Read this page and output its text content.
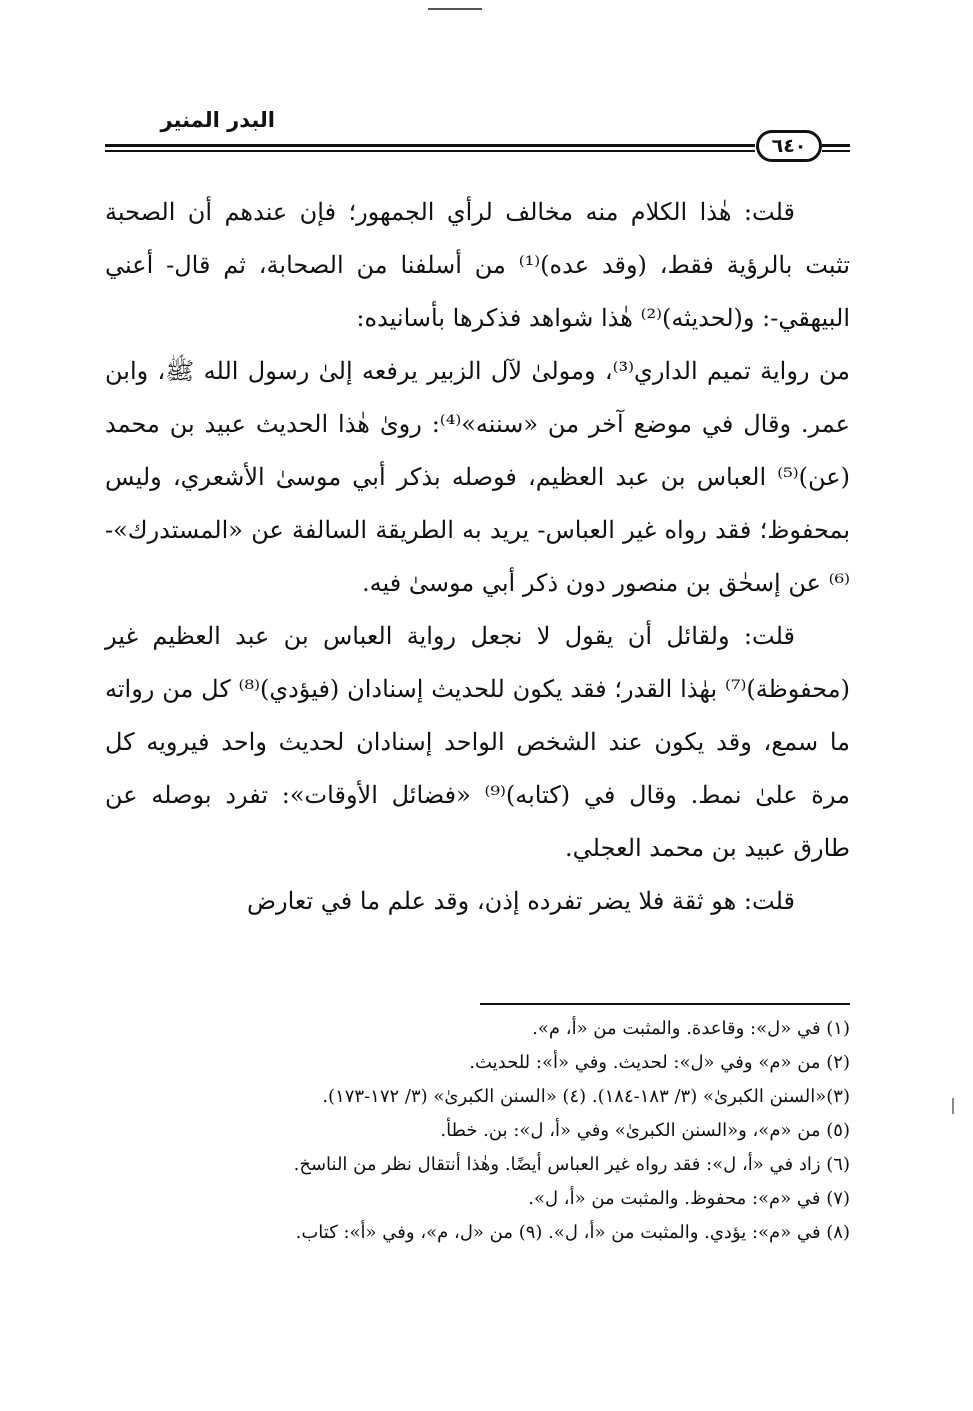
البدر المنير
٦٤٠

قلت: هٰذا الكلام منه مخالف لرأي الجمهور؛ فإن عندهم أن الصحبة تثبت بالرؤية فقط، (وقد عده)⁽¹⁾ من أسلفنا من الصحابة، ثم قال- أعني البيهقي-: و(لحديثه)⁽²⁾ هٰذا شواهد فذكرها بأسانيده:

من رواية تميم الداري⁽³⁾، ومولىٰ لآل الزبير يرفعه إلىٰ رسول الله ﷺ، وابن عمر. وقال في موضع آخر من «سننه»⁽⁴⁾: روىٰ هٰذا الحديث عبيد بن محمد (عن)⁽⁵⁾ العباس بن عبد العظيم، فوصله بذكر أبي موسىٰ الأشعري، وليس بمحفوظ؛ فقد رواه غير العباس- يريد به الطريقة السالفة عن «المستدرك»-⁽⁶⁾ عن إسحٰق بن منصور دون ذكر أبي موسىٰ فيه.

قلت: ولقائل أن يقول لا نجعل رواية العباس بن عبد العظيم غير (محفوظة)⁽⁷⁾ بهٰذا القدر؛ فقد يكون للحديث إسنادان (فيؤدي)⁽⁸⁾ كل من رواته ما سمع، وقد يكون عند الشخص الواحد إسنادان لحديث واحد فيرويه كل مرة علىٰ نمط. وقال في (كتابه)⁽⁹⁾ «فضائل الأوقات»: تفرد بوصله عن طارق عبيد بن محمد العجلي.

قلت: هو ثقة فلا يضر تفرده إذن، وقد علم ما في تعارض

(١) في «ل»: وقاعدة. والمثبت من «أ، م».
(٢) من «م» وفي «ل»: لحديث. وفي «أ»: للحديث.
(٣)«السنن الكبرىٰ» (٣/ ١٨٣-١٨٤). (٤) «السنن الكبرىٰ» (٣/ ١٧٢-١٧٣).
(٥) من «م»، و«السنن الكبرىٰ» وفي «أ، ل»: بن. خطأ.
(٦) زاد في «أ، ل»: فقد رواه غير العباس أيضًا. وهٰذا أنتقال نظر من الناسخ.
(٧) في «م»: محفوظ. والمثبت من «أ، ل».
(٨) في «م»: يؤدي. والمثبت من «أ، ل». (٩) من «ل، م»، وفي «أ»: كتاب.
